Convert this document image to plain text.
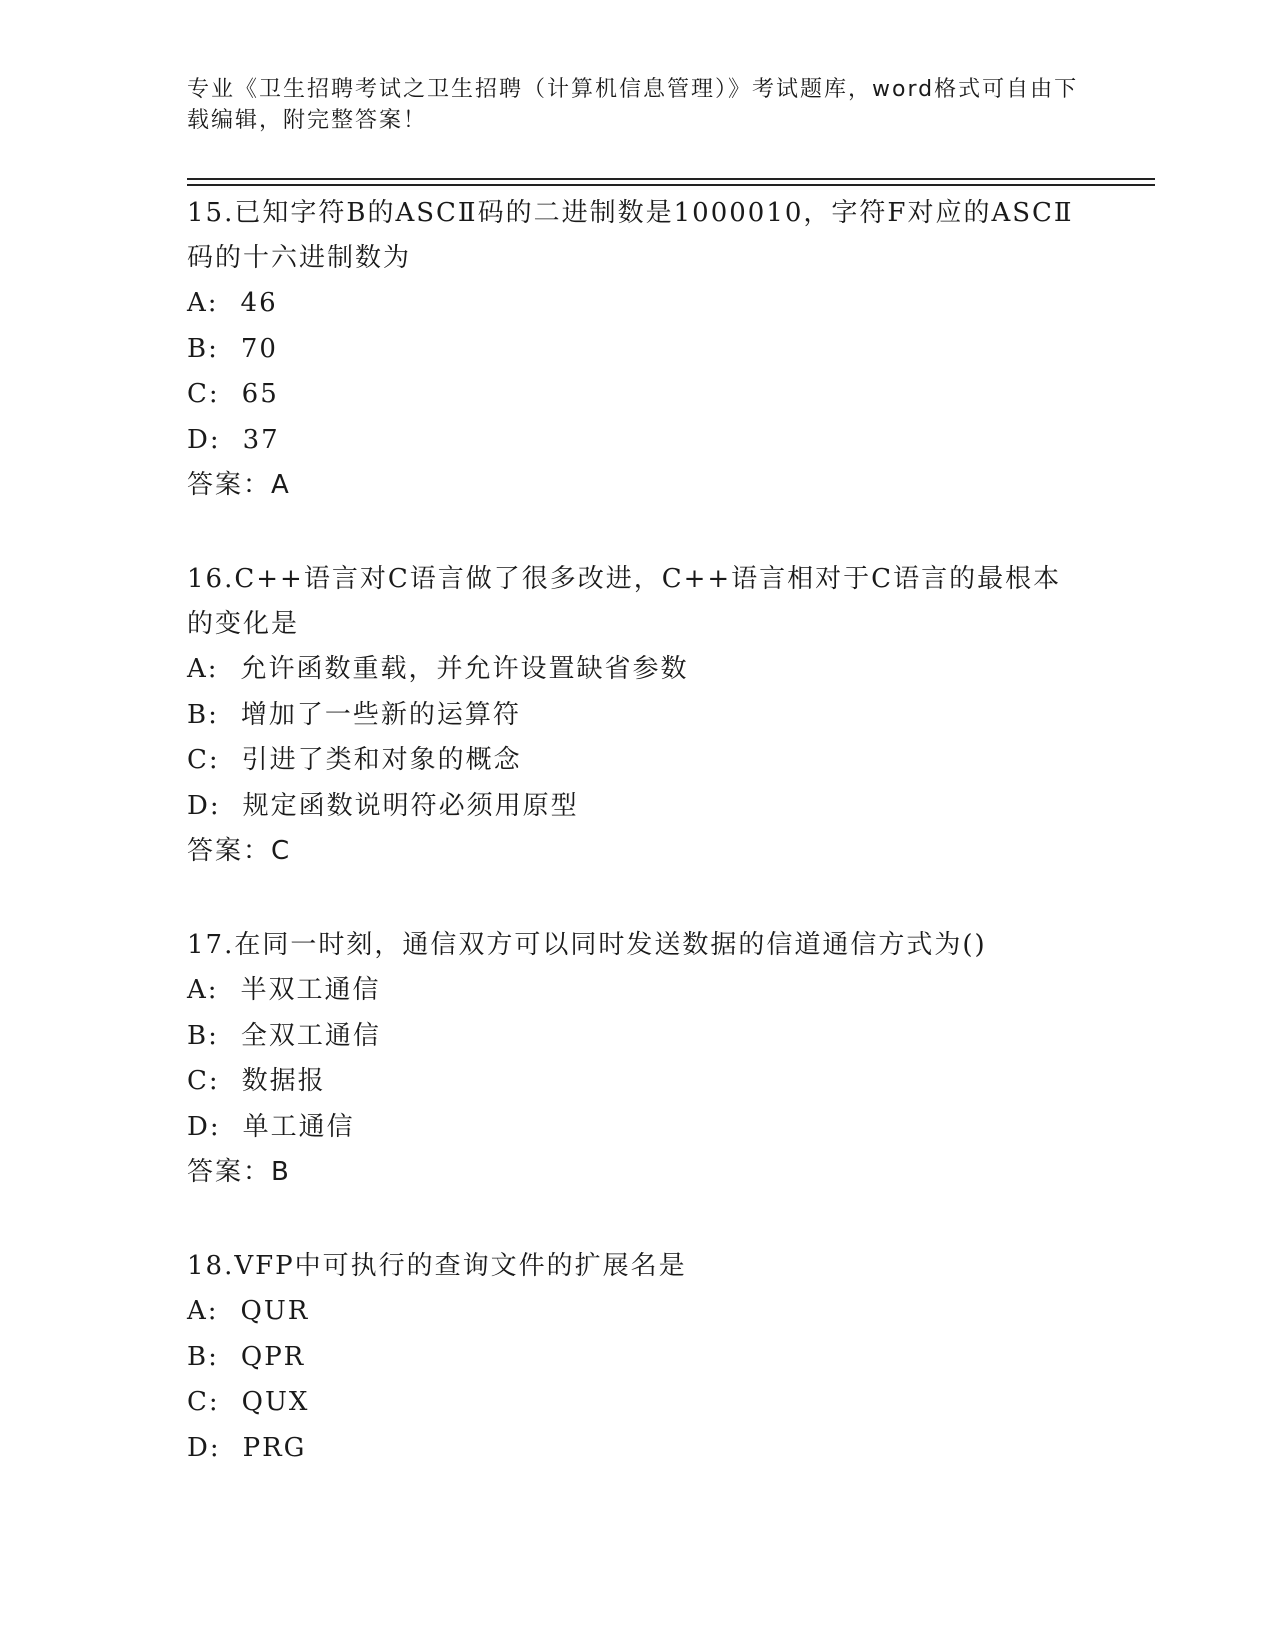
专业《卫生招聘考试之卫生招聘（计算机信息管理）》考试题库，word格式可自由下载编辑，附完整答案！

15.已知字符B的ASCⅡ码的二进制数是1000010，字符F对应的ASCⅡ码的十六进制数为

A: 46

B: 70

C: 65

D: 37

答案：A

16.C++语言对C语言做了很多改进，C++语言相对于C语言的最根本的变化是

A: 允许函数重载，并允许设置缺省参数

B: 增加了一些新的运算符

C: 引进了类和对象的概念

D: 规定函数说明符必须用原型

答案：C

17.在同一时刻，通信双方可以同时发送数据的信道通信方式为()

A: 半双工通信

B: 全双工通信

C: 数据报

D: 单工通信

答案：B

18.VFP中可执行的查询文件的扩展名是

A: QUR

B: QPR

C: QUX

D: PRG
